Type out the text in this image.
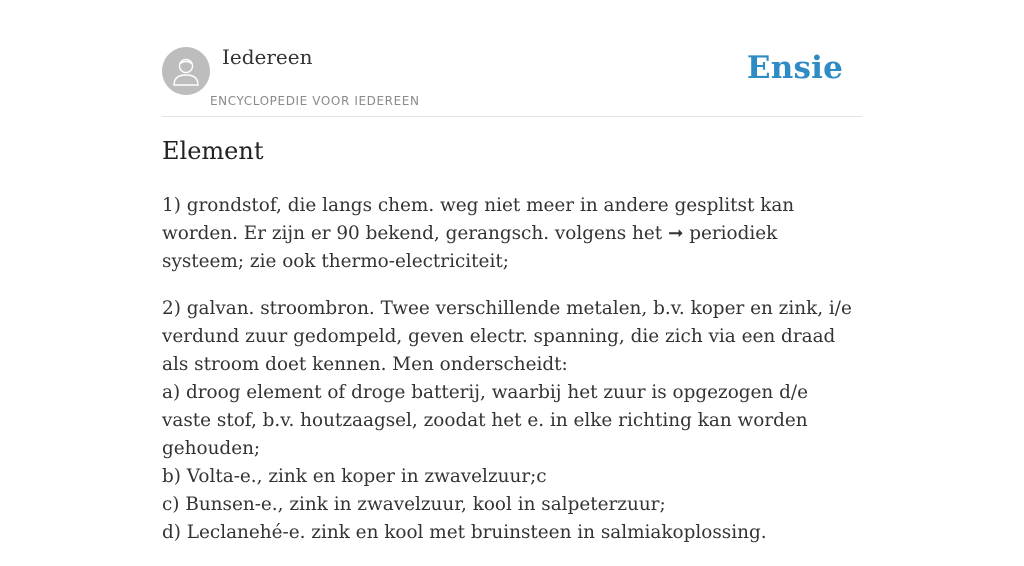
Iedereen
ENCYCLOPEDIE VOOR IEDEREEN
Ensie
Element

1) grondstof, die langs chem. weg niet meer in andere gesplitst kan worden. Er zijn er 90 bekend, gerangsch. volgens het ➞ periodiek systeem; zie ook thermo-electriciteit;

2) galvan. stroombron. Twee verschillende metalen, b.v. koper en zink, i/e verdund zuur gedompeld, geven electr. spanning, die zich via een draad als stroom doet kennen. Men onderscheidt:
a) droog element of droge batterij, waarbij het zuur is opgezogen d/e vaste stof, b.v. houtzaagsel, zoodat het e. in elke richting kan worden gehouden;
b) Volta-e., zink en koper in zwavelzuur;c
c) Bunsen-e., zink in zwavelzuur, kool in salpeterzuur;
d) Leclanehé-e. zink en kool met bruinsteen in salmiakoplossing.
